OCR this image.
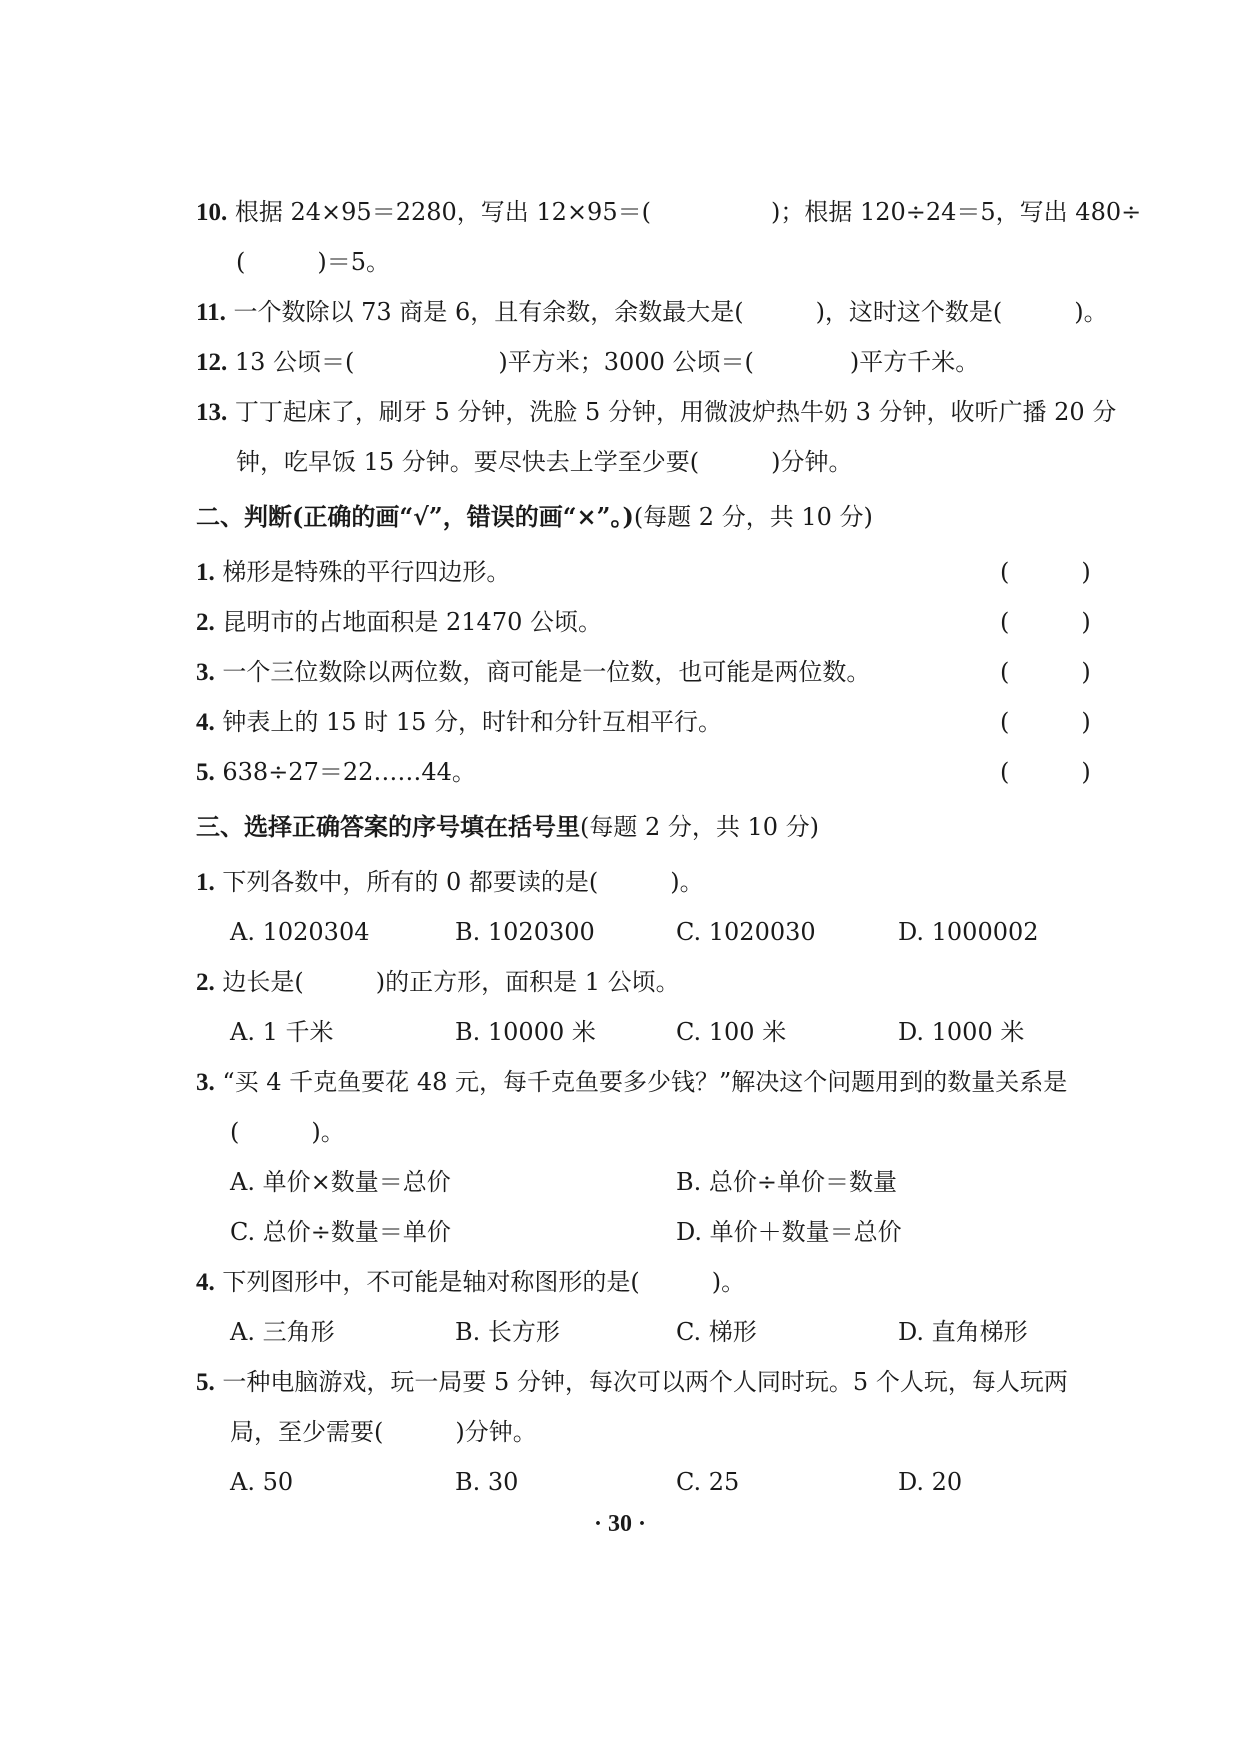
10. 根据 24×95＝2280，写出 12×95＝(　　　　　)；根据 120÷24＝5，写出 480÷
(　　　)＝5。
11. 一个数除以 73 商是 6，且有余数，余数最大是(　　　)，这时这个数是(　　　)。
12. 13 公顷＝(　　　　　　)平方米；3000 公顷＝(　　　　)平方千米。
13. 丁丁起床了，刷牙 5 分钟，洗脸 5 分钟，用微波炉热牛奶 3 分钟，收听广播 20 分
钟，吃早饭 15 分钟。要尽快去上学至少要(　　　)分钟。
二、判断(正确的画“√”，错误的画“×”。)(每题 2 分，共 10 分)
1. 梯形是特殊的平行四边形。	(　　　)
2. 昆明市的占地面积是 21470 公顷。	(　　　)
3. 一个三位数除以两位数，商可能是一位数，也可能是两位数。	(　　　)
4. 钟表上的 15 时 15 分，时针和分针互相平行。	(　　　)
5. 638÷27＝22……44。	(　　　)
三、选择正确答案的序号填在括号里(每题 2 分，共 10 分)
1. 下列各数中，所有的 0 都要读的是(　　　)。
A. 1020304	B. 1020300	C. 1020030	D. 1000002
2. 边长是(　　　)的正方形，面积是 1 公顷。
A. 1 千米	B. 10000 米	C. 100 米	D. 1000 米
3. “买 4 千克鱼要花 48 元，每千克鱼要多少钱？”解决这个问题用到的数量关系是
(　　　)。
A. 单价×数量＝总价	B. 总价÷单价＝数量
C. 总价÷数量＝单价	D. 单价＋数量＝总价
4. 下列图形中，不可能是轴对称图形的是(　　　)。
A. 三角形	B. 长方形	C. 梯形	D. 直角梯形
5. 一种电脑游戏，玩一局要 5 分钟，每次可以两个人同时玩。5 个人玩，每人玩两
局，至少需要(　　　)分钟。
A. 50	B. 30	C. 25	D. 20
· 30 ·
